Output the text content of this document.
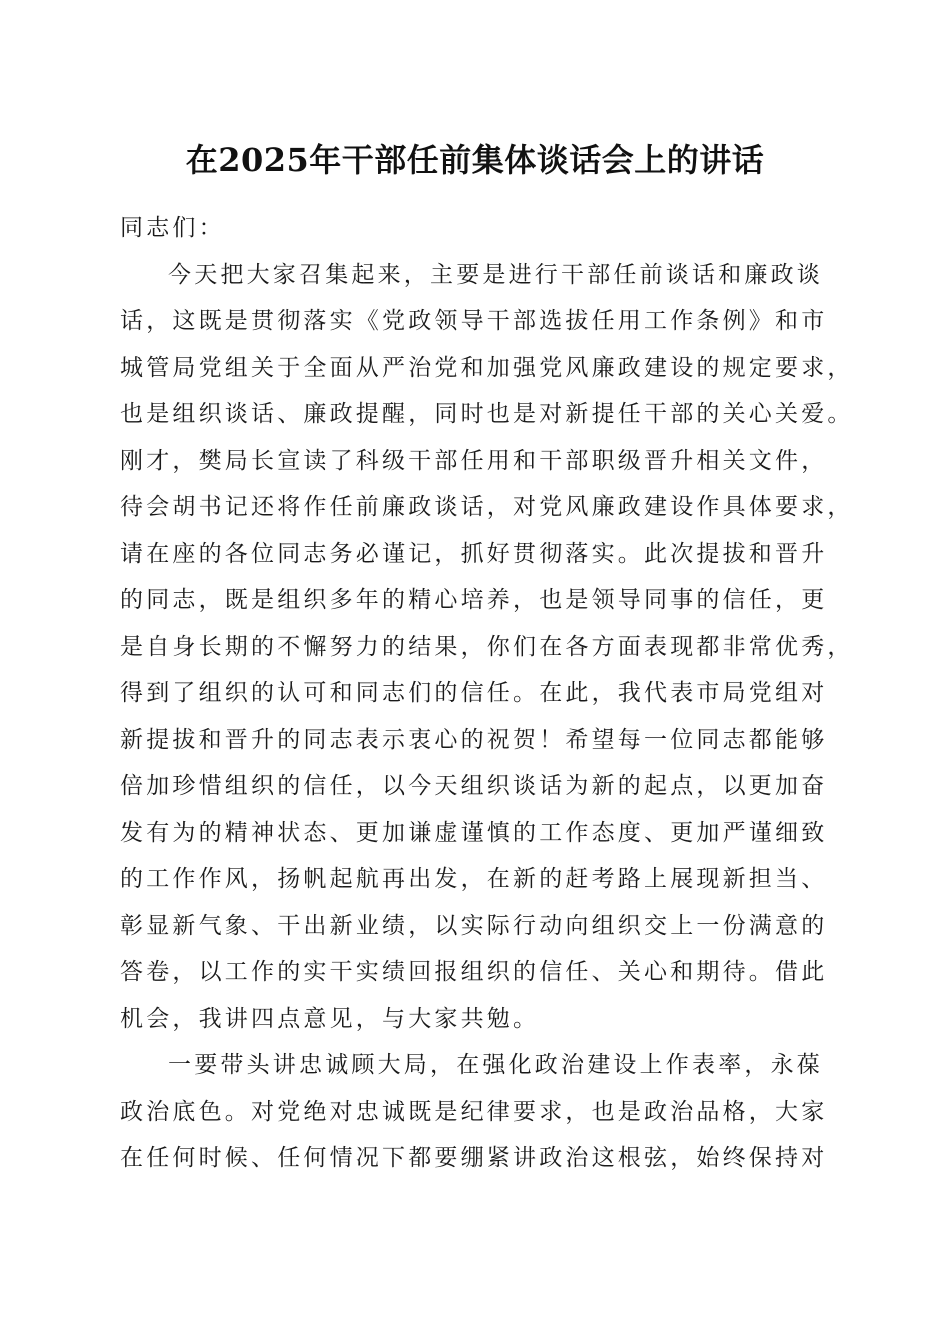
在2025年干部任前集体谈话会上的讲话
同志们：
今天把大家召集起来，主要是进行干部任前谈话和廉政谈
话，这既是贯彻落实《党政领导干部选拔任用工作条例》和市
城管局党组关于全面从严治党和加强党风廉政建设的规定要求，
也是组织谈话、廉政提醒，同时也是对新提任干部的关心关爱。
刚才，樊局长宣读了科级干部任用和干部职级晋升相关文件，
待会胡书记还将作任前廉政谈话，对党风廉政建设作具体要求，
请在座的各位同志务必谨记，抓好贯彻落实。此次提拔和晋升
的同志，既是组织多年的精心培养，也是领导同事的信任，更
是自身长期的不懈努力的结果，你们在各方面表现都非常优秀，
得到了组织的认可和同志们的信任。在此，我代表市局党组对
新提拔和晋升的同志表示衷心的祝贺！希望每一位同志都能够
倍加珍惜组织的信任，以今天组织谈话为新的起点，以更加奋
发有为的精神状态、更加谦虚谨慎的工作态度、更加严谨细致
的工作作风，扬帆起航再出发，在新的赶考路上展现新担当、
彰显新气象、干出新业绩，以实际行动向组织交上一份满意的
答卷，以工作的实干实绩回报组织的信任、关心和期待。借此
机会，我讲四点意见，与大家共勉。
一要带头讲忠诚顾大局，在强化政治建设上作表率，永葆
政治底色。对党绝对忠诚既是纪律要求，也是政治品格，大家
在任何时候、任何情况下都要绷紧讲政治这根弦，始终保持对
